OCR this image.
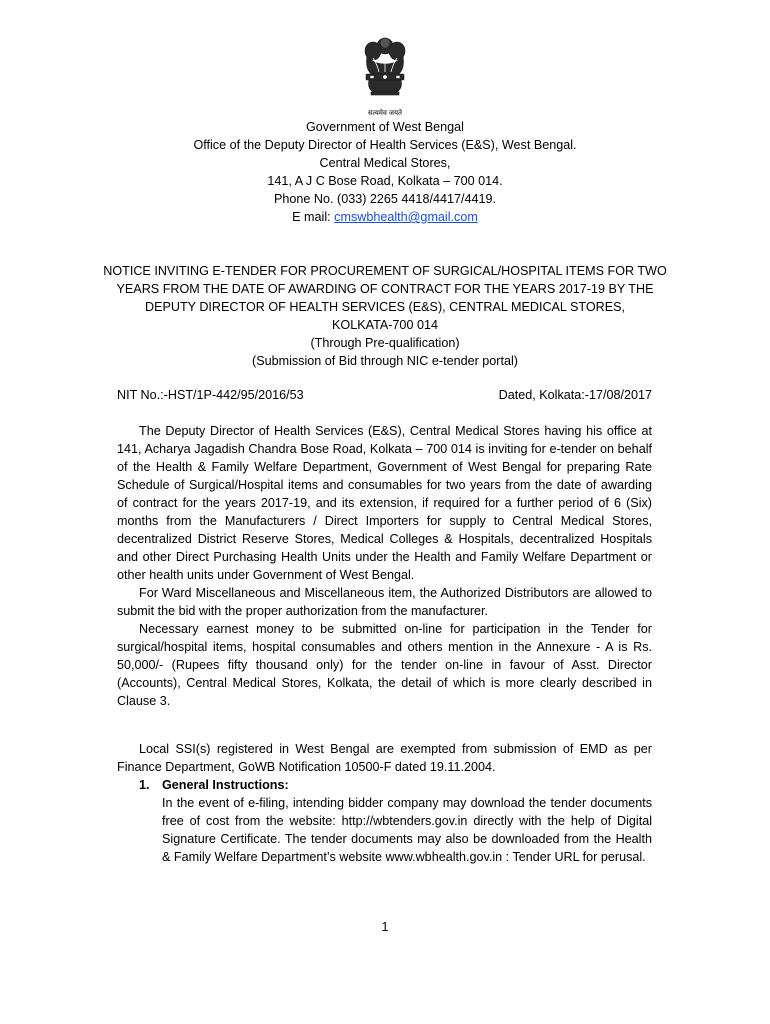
सत्यमेव जयते
Government of West Bengal
Office of the Deputy Director of Health Services (E&S), West Bengal.
Central Medical Stores,
141, A J C Bose Road, Kolkata – 700 014.
Phone No. (033) 2265 4418/4417/4419.
E mail: cmswbhealth@gmail.com
NOTICE INVITING E-TENDER FOR PROCUREMENT OF SURGICAL/HOSPITAL ITEMS FOR TWO
YEARS FROM THE DATE OF AWARDING OF CONTRACT FOR THE YEARS 2017-19 BY THE
DEPUTY DIRECTOR OF HEALTH SERVICES (E&S), CENTRAL MEDICAL STORES,
KOLKATA-700 014
(Through Pre-qualification)
(Submission of Bid through NIC e-tender portal)
NIT No.:-HST/1P-442/95/2016/53	Dated, Kolkata:-17/08/2017

The Deputy Director of Health Services (E&S), Central Medical Stores having his office at 141, Acharya Jagadish Chandra Bose Road, Kolkata – 700 014 is inviting for e-tender on behalf of the Health & Family Welfare Department, Government of West Bengal for preparing Rate Schedule of Surgical/Hospital items and consumables for two years from the date of awarding of contract for the years 2017-19, and its extension, if required for a further period of 6 (Six) months from the Manufacturers / Direct Importers for supply to Central Medical Stores, decentralized District Reserve Stores, Medical Colleges & Hospitals, decentralized Hospitals and other Direct Purchasing Health Units under the Health and Family Welfare Department or other health units under Government of West Bengal.

For Ward Miscellaneous and Miscellaneous item, the Authorized Distributors are allowed to submit the bid with the proper authorization from the manufacturer.

Necessary earnest money to be submitted on-line for participation in the Tender for surgical/hospital items, hospital consumables and others mention in the Annexure - A is Rs. 50,000/- (Rupees fifty thousand only) for the tender on-line in favour of Asst. Director (Accounts), Central Medical Stores, Kolkata, the detail of which is more clearly described in Clause 3.

Local SSI(s) registered in West Bengal are exempted from submission of EMD as per Finance Department, GoWB Notification 10500-F dated 19.11.2004.

1. General Instructions:
In the event of e-filing, intending bidder company may download the tender documents free of cost from the website: http://wbtenders.gov.in directly with the help of Digital Signature Certificate. The tender documents may also be downloaded from the Health & Family Welfare Department’s website www.wbhealth.gov.in : Tender URL for perusal.
1
